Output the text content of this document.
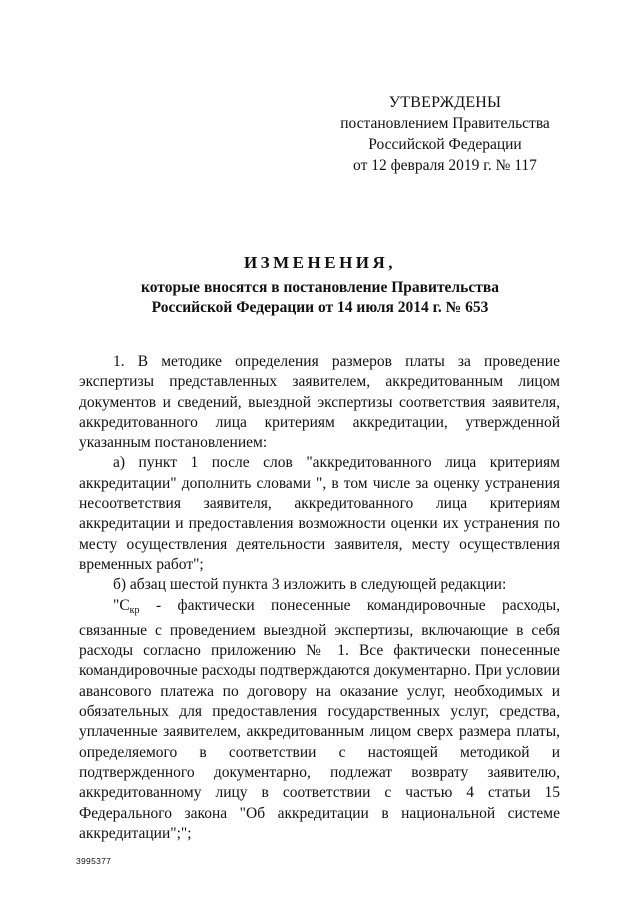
УТВЕРЖДЕНЫ
постановлением Правительства
Российской Федерации
от 12 февраля 2019 г. № 117
ИЗМЕНЕНИЯ,
которые вносятся в постановление Правительства
Российской Федерации от 14 июля 2014 г. № 653

1. В методике определения размеров платы за проведение экспертизы представленных заявителем, аккредитованным лицом документов и сведений, выездной экспертизы соответствия заявителя, аккредитованного лица критериям аккредитации, утвержденной указанным постановлением:

а) пункт 1 после слов "аккредитованного лица критериям аккредитации" дополнить словами ", в том числе за оценку устранения несоответствия заявителя, аккредитованного лица критериям аккредитации и предоставления возможности оценки их устранения по месту осуществления деятельности заявителя, месту осуществления временных работ";

б) абзац шестой пункта 3 изложить в следующей редакции:

"$С_{кр}$ - фактически понесенные командировочные расходы, связанные с проведением выездной экспертизы, включающие в себя расходы согласно приложению № 1. Все фактически понесенные командировочные расходы подтверждаются документарно. При условии авансового платежа по договору на оказание услуг, необходимых и обязательных для предоставления государственных услуг, средства, уплаченные заявителем, аккредитованным лицом сверх размера платы, определяемого в соответствии с настоящей методикой и подтвержденного документарно, подлежат возврату заявителю, аккредитованному лицу в соответствии с частью 4 статьи 15 Федерального закона "Об аккредитации в национальной системе аккредитации";";

3995377
